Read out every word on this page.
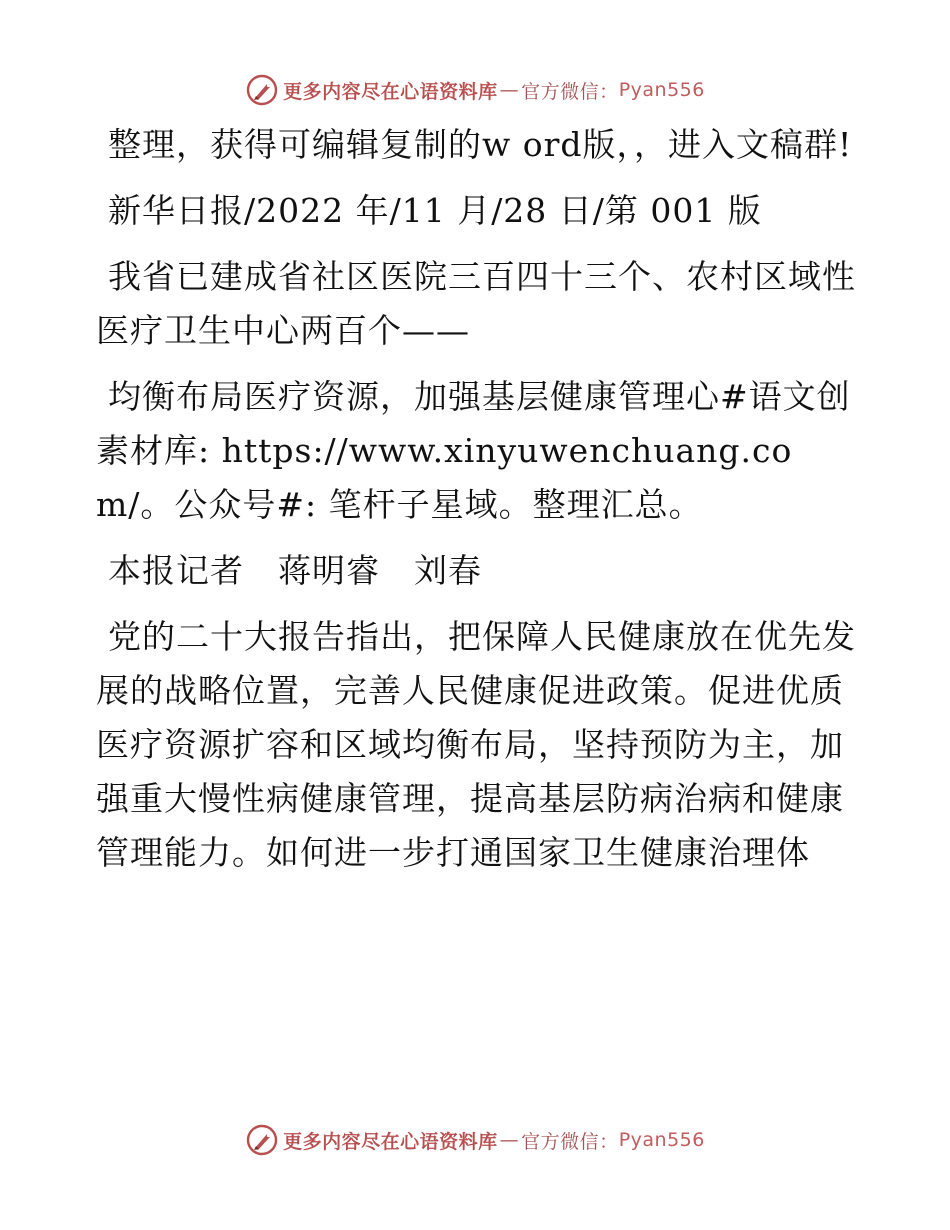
更多内容尽在心语资料库 — 官方微信： Pyan556

整理，获得可编辑复制的w ord版，，进入文稿群!

新华日报/2022 年/11 月/28 日/第 001 版

我省已建成省社区医院三百四十三个、农村区域性医疗卫生中心两百个——

均衡布局医疗资源，加强基层健康管理心#语文创素材库: https://www.xinyuwenchuang.com/。公众号#: 笔杆子星域。整理汇总。

本报记者　蒋明睿　刘春

党的二十大报告指出，把保障人民健康放在优先发展的战略位置，完善人民健康促进政策。促进优质医疗资源扩容和区域均衡布局，坚持预防为主，加强重大慢性病健康管理，提高基层防病治病和健康管理能力。如何进一步打通国家卫生健康治理体

更多内容尽在心语资料库 — 官方微信： Pyan556
